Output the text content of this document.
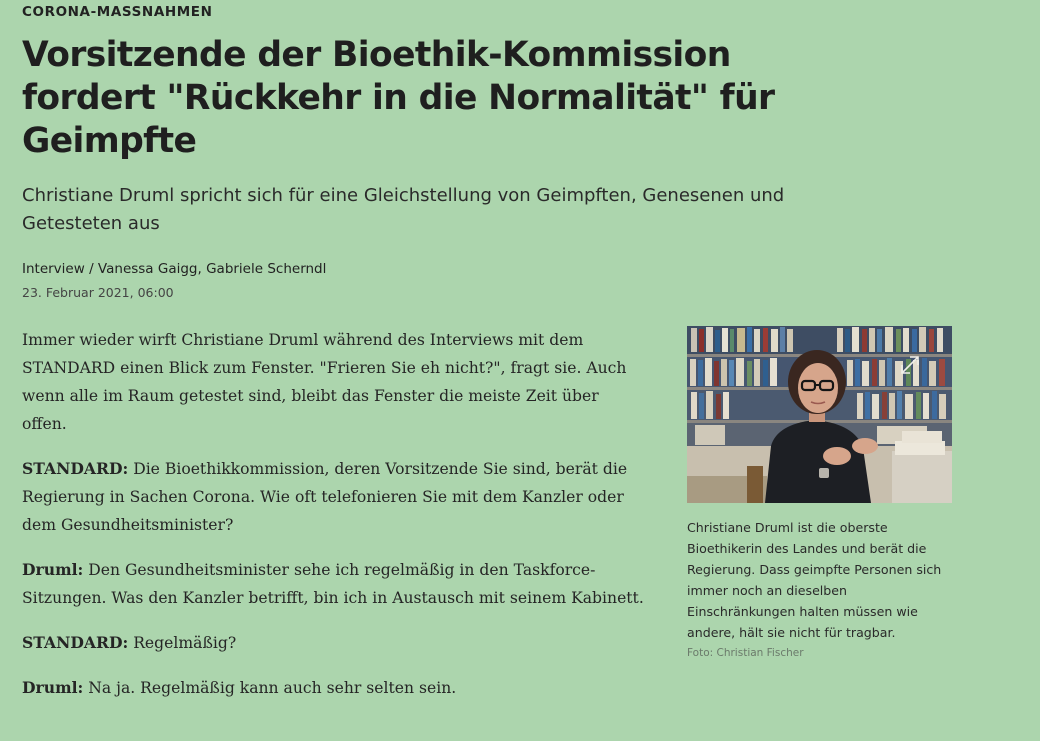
CORONA-MASSNAHMEN
Vorsitzende der Bioethik-Kommission fordert "Rückkehr in die Normalität" für Geimpfte

Christiane Druml spricht sich für eine Gleichstellung von Geimpften, Genesenen und Getesteten aus

Interview / Vanessa Gaigg, Gabriele Scherndl
23. Februar 2021, 06:00

Immer wieder wirft Christiane Druml während des Interviews mit dem STANDARD einen Blick zum Fenster. "Frieren Sie eh nicht?", fragt sie. Auch wenn alle im Raum getestet sind, bleibt das Fenster die meiste Zeit über offen.

STANDARD: Die Bioethikkommission, deren Vorsitzende Sie sind, berät die Regierung in Sachen Corona. Wie oft telefonieren Sie mit dem Kanzler oder dem Gesundheitsminister?

Druml: Den Gesundheitsminister sehe ich regelmäßig in den Taskforce-Sitzungen. Was den Kanzler betrifft, bin ich in Austausch mit seinem Kabinett.

STANDARD: Regelmäßig?

Druml: Na ja. Regelmäßig kann auch sehr selten sein.

Christiane Druml ist die oberste Bioethikerin des Landes und berät die Regierung. Dass geimpfte Personen sich immer noch an dieselben Einschränkungen halten müssen wie andere, hält sie nicht für tragbar.
Foto: Christian Fischer
